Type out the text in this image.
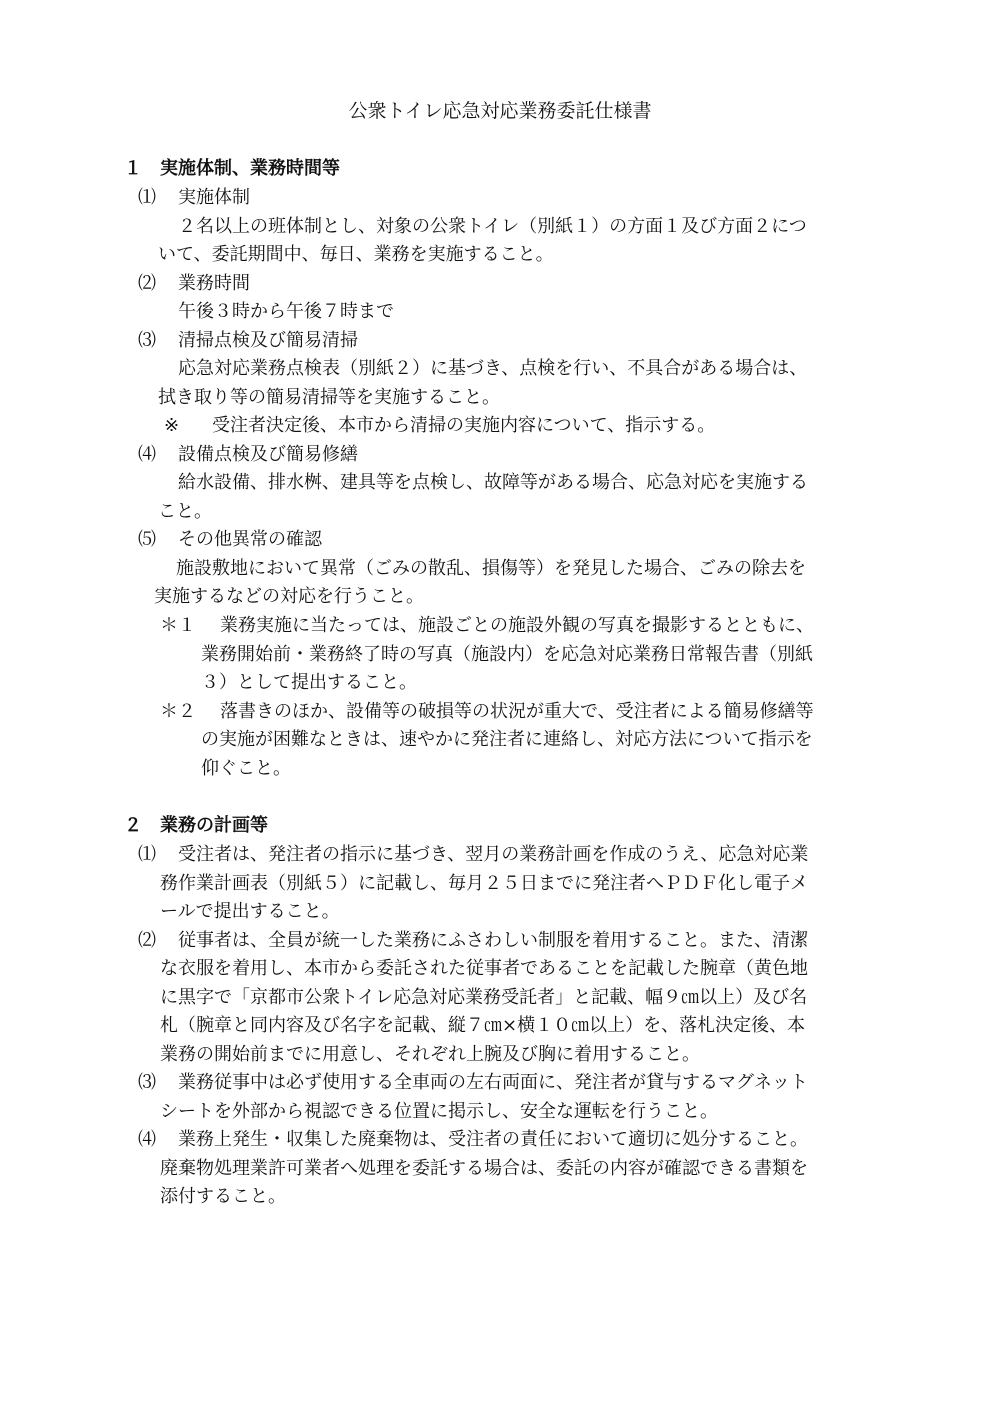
公衆トイレ応急対応業務委託仕様書
１ 実施体制、業務時間等
⑴ 実施体制
２名以上の班体制とし、対象の公衆トイレ（別紙１）の方面１及び方面２につ
いて、委託期間中、毎日、業務を実施すること。
⑵ 業務時間
午後３時から午後７時まで
⑶ 清掃点検及び簡易清掃
応急対応業務点検表（別紙２）に基づき、点検を行い、不具合がある場合は、
拭き取り等の簡易清掃等を実施すること。
※ 受注者決定後、本市から清掃の実施内容について、指示する。
⑷ 設備点検及び簡易修繕
給水設備、排水桝、建具等を点検し、故障等がある場合、応急対応を実施する
こと。
⑸ その他異常の確認
施設敷地において異常（ごみの散乱、損傷等）を発見した場合、ごみの除去を
実施するなどの対応を行うこと。
＊１ 業務実施に当たっては、施設ごとの施設外観の写真を撮影するとともに、
業務開始前・業務終了時の写真（施設内）を応急対応業務日常報告書（別紙
３）として提出すること。
＊２ 落書きのほか、設備等の破損等の状況が重大で、受注者による簡易修繕等
の実施が困難なときは、速やかに発注者に連絡し、対応方法について指示を
仰ぐこと。
２ 業務の計画等
⑴ 受注者は、発注者の指示に基づき、翌月の業務計画を作成のうえ、応急対応業
務作業計画表（別紙５）に記載し、毎月２５日までに発注者へＰＤＦ化し電子メ
ールで提出すること。
⑵ 従事者は、全員が統一した業務にふさわしい制服を着用すること。また、清潔
な衣服を着用し、本市から委託された従事者であることを記載した腕章（黄色地
に黒字で「京都市公衆トイレ応急対応業務受託者」と記載、幅９㎝以上）及び名
札（腕章と同内容及び名字を記載、縦７㎝×横１０㎝以上）を、落札決定後、本
業務の開始前までに用意し、それぞれ上腕及び胸に着用すること。
⑶ 業務従事中は必ず使用する全車両の左右両面に、発注者が貸与するマグネット
シートを外部から視認できる位置に掲示し、安全な運転を行うこと。
⑷ 業務上発生・収集した廃棄物は、受注者の責任において適切に処分すること。
廃棄物処理業許可業者へ処理を委託する場合は、委託の内容が確認できる書類を
添付すること。
